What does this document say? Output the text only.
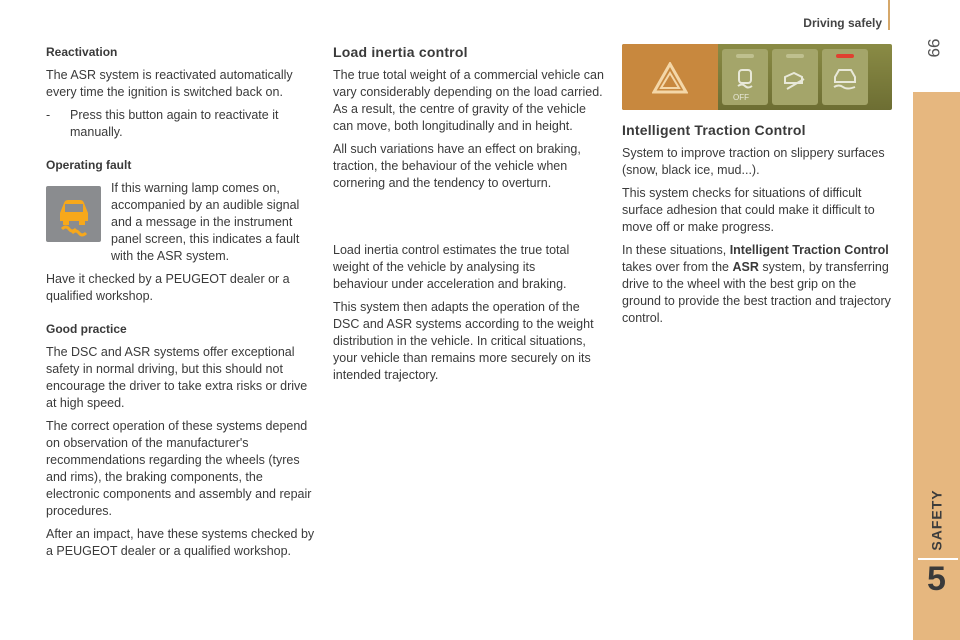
Driving safely
99
SAFETY
5
Reactivation

The ASR system is reactivated automatically every time the ignition is switched back on.

-	Press this button again to reactivate it manually.
Operating fault

If this warning lamp comes on, accompanied by an audible signal and a message in the instrument panel screen, this indicates a fault with the ASR system.

Have it checked by a PEUGEOT dealer or a qualified workshop.

Good practice

The DSC and ASR systems offer exceptional safety in normal driving, but this should not encourage the driver to take extra risks or drive at high speed.

The correct operation of these systems depend on observation of the manufacturer's recommendations regarding the wheels (tyres and rims), the braking components, the electronic components and assembly and repair procedures.

After an impact, have these systems checked by a PEUGEOT dealer or a qualified workshop.

Load inertia control

The true total weight of a commercial vehicle can vary considerably depending on the load carried. As a result, the centre of gravity of the vehicle can move, both longitudinally and in height.

All such variations have an effect on braking, traction, the behaviour of the vehicle when cornering and the tendency to overturn.

Load inertia control estimates the true total weight of the vehicle by analysing its behaviour under acceleration and braking.

This system then adapts the operation of the DSC and ASR systems according to the weight distribution in the vehicle. In critical situations, your vehicle than remains more securely on its intended trajectory.

OFF
Intelligent Traction Control

System to improve traction on slippery surfaces (snow, black ice, mud...).

This system checks for situations of difficult surface adhesion that could make it difficult to move off or make progress.

In these situations, Intelligent Traction Control takes over from the ASR system, by transferring drive to the wheel with the best grip on the ground to provide the best traction and trajectory control.
